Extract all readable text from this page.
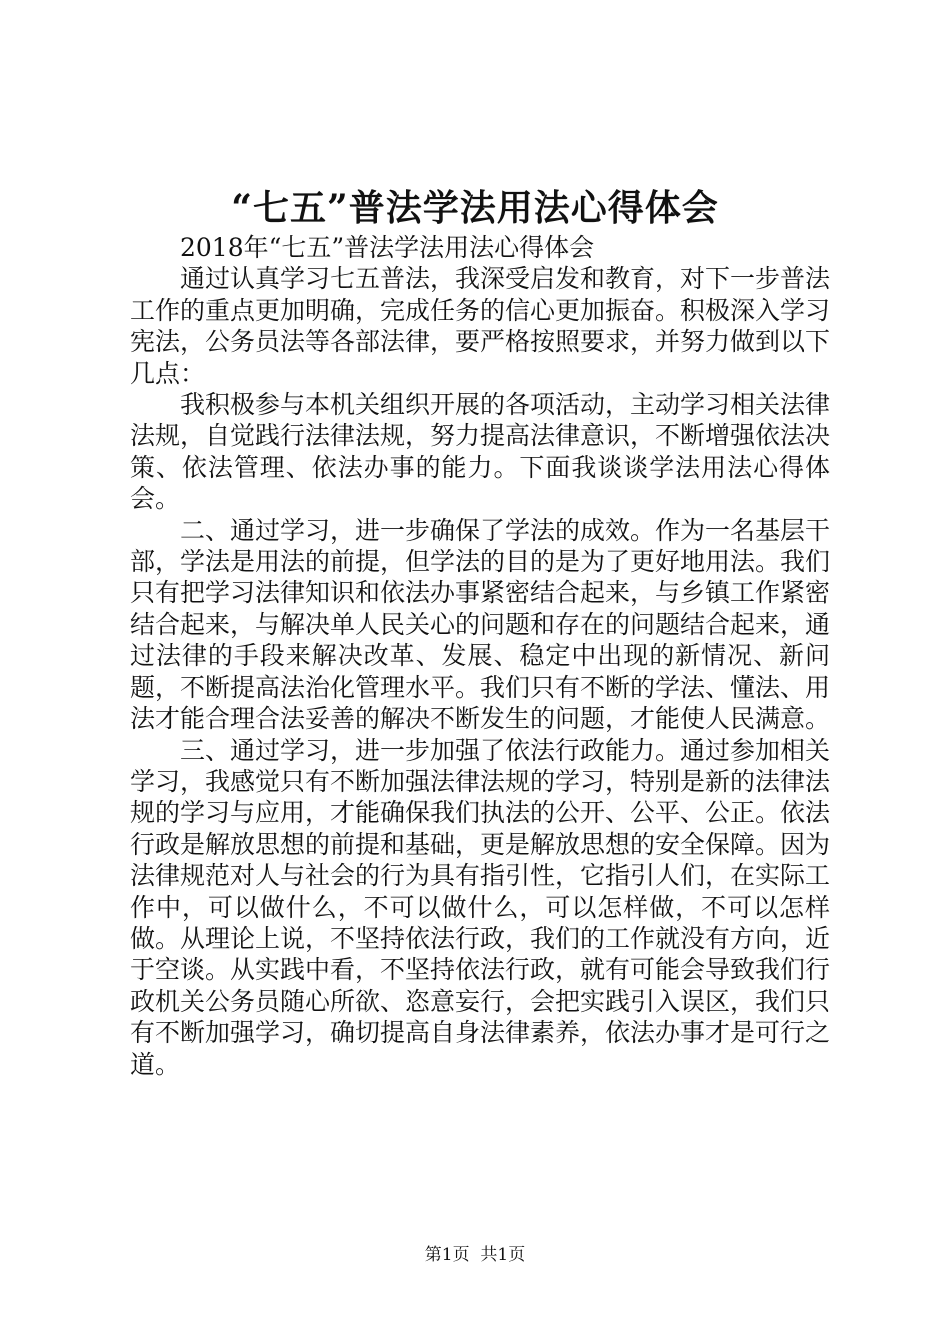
“七五”普法学法用法心得体会

2018年“七五”普法学法用法心得体会

通过认真学习七五普法，我深受启发和教育，对下一步普法工作的重点更加明确，完成任务的信心更加振奋。积极深入学习宪法，公务员法等各部法律，要严格按照要求，并努力做到以下几点：

我积极参与本机关组织开展的各项活动，主动学习相关法律法规，自觉践行法律法规，努力提高法律意识，不断增强依法决策、依法管理、依法办事的能力。下面我谈谈学法用法心得体会。

二、通过学习，进一步确保了学法的成效。作为一名基层干部，学法是用法的前提，但学法的目的是为了更好地用法。我们只有把学习法律知识和依法办事紧密结合起来，与乡镇工作紧密结合起来，与解决单人民关心的问题和存在的问题结合起来，通过法律的手段来解决改革、发展、稳定中出现的新情况、新问题，不断提高法治化管理水平。我们只有不断的学法、懂法、用法才能合理合法妥善的解决不断发生的问题，才能使人民满意。

三、通过学习，进一步加强了依法行政能力。通过参加相关学习，我感觉只有不断加强法律法规的学习，特别是新的法律法规的学习与应用，才能确保我们执法的公开、公平、公正。依法行政是解放思想的前提和基础，更是解放思想的安全保障。因为法律规范对人与社会的行为具有指引性，它指引人们，在实际工作中，可以做什么，不可以做什么，可以怎样做，不可以怎样做。从理论上说，不坚持依法行政，我们的工作就没有方向，近于空谈。从实践中看，不坚持依法行政，就有可能会导致我们行政机关公务员随心所欲、恣意妄行，会把实践引入误区，我们只有不断加强学习，确切提高自身法律素养，依法办事才是可行之道。

第1页  共1页
